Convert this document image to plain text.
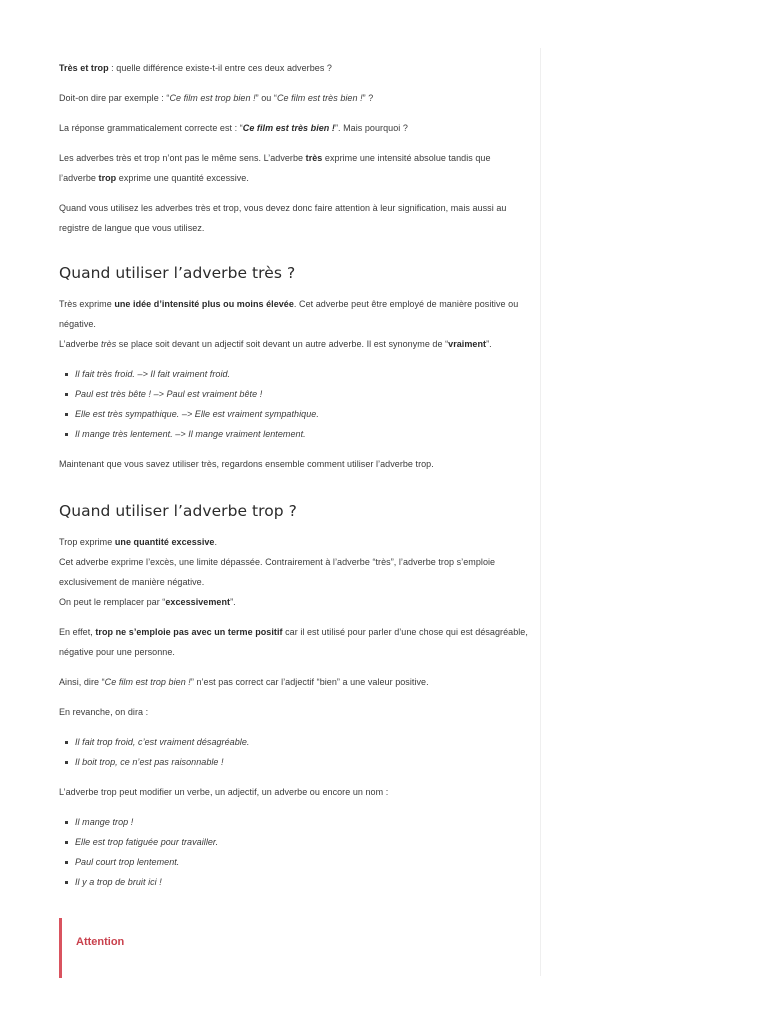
Très et trop : quelle différence existe-t-il entre ces deux adverbes ?

Doit-on dire par exemple : “Ce film est trop bien !” ou “Ce film est très bien !” ?

La réponse grammaticalement correcte est : “Ce film est très bien !”. Mais pourquoi ?

Les adverbes très et trop n’ont pas le même sens. L’adverbe très exprime une intensité absolue tandis que l’adverbe trop exprime une quantité excessive.

Quand vous utilisez les adverbes très et trop, vous devez donc faire attention à leur signification, mais aussi au registre de langue que vous utilisez.

Quand utiliser l’adverbe très ?

Très exprime une idée d’intensité plus ou moins élevée. Cet adverbe peut être employé de manière positive ou négative.

L’adverbe très se place soit devant un adjectif soit devant un autre adverbe. Il est synonyme de “vraiment”.

Il fait très froid. –> Il fait vraiment froid.
Paul est très bête ! –> Paul est vraiment bête !
Elle est très sympathique. –> Elle est vraiment sympathique.
Il mange très lentement. –> Il mange vraiment lentement.

Maintenant que vous savez utiliser très, regardons ensemble comment utiliser l’adverbe trop.

Quand utiliser l’adverbe trop ?

Trop exprime une quantité excessive.

Cet adverbe exprime l’excès, une limite dépassée. Contrairement à l’adverbe “très”, l’adverbe trop s’emploie exclusivement de manière négative.

On peut le remplacer par “excessivement”.

En effet, trop ne s’emploie pas avec un terme positif car il est utilisé pour parler d’une chose qui est désagréable, négative pour une personne.

Ainsi, dire “Ce film est trop bien !” n’est pas correct car l’adjectif “bien” a une valeur positive.

En revanche, on dira :

Il fait trop froid, c’est vraiment désagréable.
Il boit trop, ce n’est pas raisonnable !

L’adverbe trop peut modifier un verbe, un adjectif, un adverbe ou encore un nom :

Il mange trop !
Elle est trop fatiguée pour travailler.
Paul court trop lentement.
Il y a trop de bruit ici !
Attention
